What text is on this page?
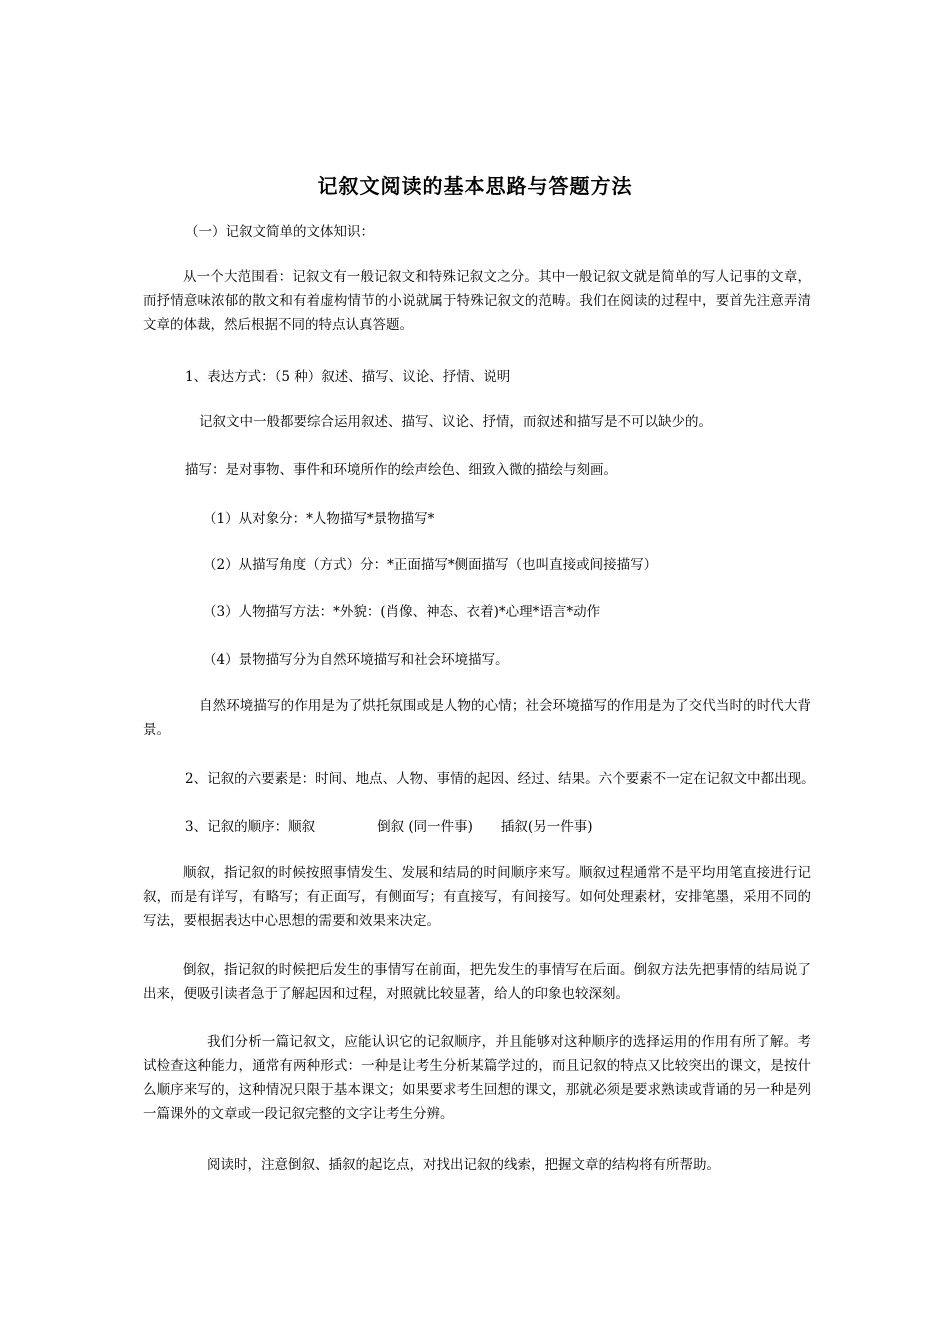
记叙文阅读的基本思路与答题方法
（一）记叙文简单的文体知识：
从一个大范围看：记叙文有一般记叙文和特殊记叙文之分。其中一般记叙文就是简单的写人记事的文章，而抒情意味浓郁的散文和有着虚构情节的小说就属于特殊记叙文的范畴。我们在阅读的过程中，要首先注意弄清文章的体裁，然后根据不同的特点认真答题。
1、表达方式：（5 种）叙述、描写、议论、抒情、说明
记叙文中一般都要综合运用叙述、描写、议论、抒情，而叙述和描写是不可以缺少的。
描写：是对事物、事件和环境所作的绘声绘色、细致入微的描绘与刻画。
（1）从对象分：*人物描写*景物描写*
（2）从描写角度（方式）分：*正面描写*侧面描写（也叫直接或间接描写）
（3）人物描写方法：*外貌：(肖像、神态、衣着)*心理*语言*动作
（4）景物描写分为自然环境描写和社会环境描写。
自然环境描写的作用是为了烘托氛围或是人物的心情；社会环境描写的作用是为了交代当时的时代大背景。
2、记叙的六要素是：时间、地点、人物、事情的起因、经过、结果。六个要素不一定在记叙文中都出现。
3、记叙的顺序：顺叙	倒叙 (同一件事) 插叙(另一件事)
顺叙，指记叙的时候按照事情发生、发展和结局的时间顺序来写。顺叙过程通常不是平均用笔直接进行记叙，而是有详写，有略写；有正面写，有侧面写；有直接写，有间接写。如何处理素材，安排笔墨，采用不同的写法，要根据表达中心思想的需要和效果来决定。
倒叙，指记叙的时候把后发生的事情写在前面，把先发生的事情写在后面。倒叙方法先把事情的结局说了出来，便吸引读者急于了解起因和过程，对照就比较显著，给人的印象也较深刻。
我们分析一篇记叙文，应能认识它的记叙顺序，并且能够对这种顺序的选择运用的作用有所了解。考试检查这种能力，通常有两种形式：一种是让考生分析某篇学过的，而且记叙的特点又比较突出的课文，是按什么顺序来写的，这种情况只限于基本课文；如果要求考生回想的课文，那就必须是要求熟读或背诵的另一种是列一篇课外的文章或一段记叙完整的文字让考生分辨。
阅读时，注意倒叙、插叙的起讫点，对找出记叙的线索，把握文章的结构将有所帮助。
